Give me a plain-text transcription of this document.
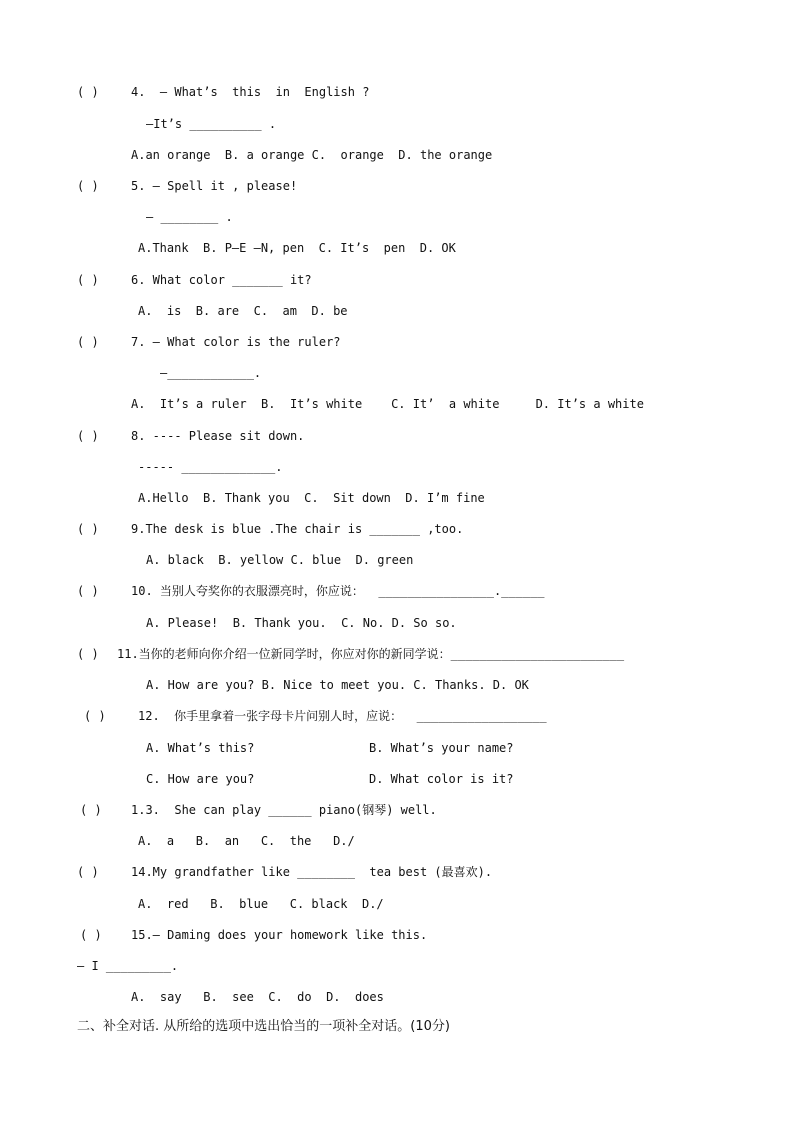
( )	4.  — What’s  this  in  English ?
—It’s __________ .
A.an orange  B. a orange C.  orange  D. the orange
( )	5. — Spell it , please!
— ________ .
A.Thank  B. P—E –N, pen  C. It’s  pen  D. OK
( )	6. What color _______ it?
A.  is  B. are  C.  am  D. be
( )	7. — What color is the ruler?
—____________.
A.  It’s a ruler  B.  It’s white    C. It’  a white     D. It’s a white
( )	8. ---- Please sit down.
----- _____________.
A.Hello  B. Thank you  C.  Sit down  D. I’m fine
( )	9.The desk is blue .The chair is _______ ,too.
A. black  B. yellow C. blue  D. green
( )	10. 当别人夸奖你的衣服漂亮时，你应说：  ________________.______
A. Please!  B. Thank you.  C. No. D. So so.
( ) 11.当你的老师向你介绍一位新同学时，你应对你的新同学说：________________________
A. How are you? B. Nice to meet you. C. Thanks. D. OK
( )	12.  你手里拿着一张字母卡片问别人时，应说：  __________________
A. What’s this?	B. What’s your name?
C. How are you?	D. What color is it?
( ) 1.3.  She can play ______ piano(钢琴) well.
A.  a   B.  an   C.  the   D./
( )	14.My grandfather like ________  tea best (最喜欢).
A.  red   B.  blue   C. black  D./
( ) 15.— Daming does your homework like this.
— I _________.
A.  say   B.  see  C.  do  D.  does
二、补全对话. 从所给的选项中选出恰当的一项补全对话。(10分)
